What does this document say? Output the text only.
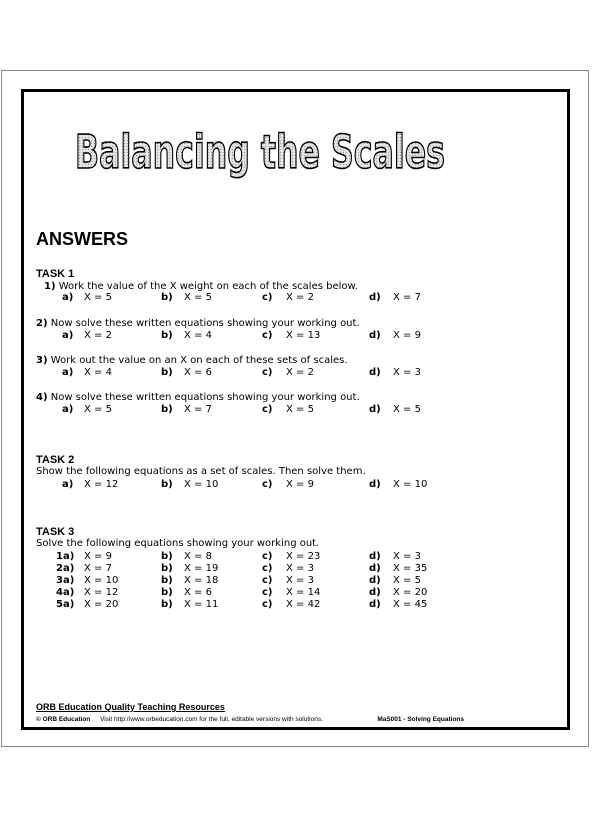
Balancing the Scales
ANSWERS
TASK 1
1) Work the value of the X weight on each of the scales below.
a) X = 5	b) X = 5	c) X = 2	d) X = 7
2) Now solve these written equations showing your working out.
a) X = 2	b) X = 4	c) X = 13	d) X = 9
3) Work out the value on an X on each of these sets of scales.
a) X = 4	b) X = 6	c) X = 2	d) X = 3
4) Now solve these written equations showing your working out.
a) X = 5	b) X = 7	c) X = 5	d) X = 5
TASK 2
Show the following equations as a set of scales. Then solve them.
a) X = 12	b) X = 10	c) X = 9	d) X = 10
TASK 3
Solve the following equations showing your working out.
1a) X = 9	b) X = 8	c) X = 23	d) X = 3
2a) X = 7	b) X = 19	c) X = 3	d) X = 35
3a) X = 10	b) X = 18	c) X = 3	d) X = 5
4a) X = 12	b) X = 6	c) X = 14	d) X = 20
5a) X = 20	b) X = 11	c) X = 42	d) X = 45
ORB Education Quality Teaching Resources
© ORB Education Visit http://www.orbeducation.com for the full, editable versions with solutions.	MaS001 - Solving Equations
